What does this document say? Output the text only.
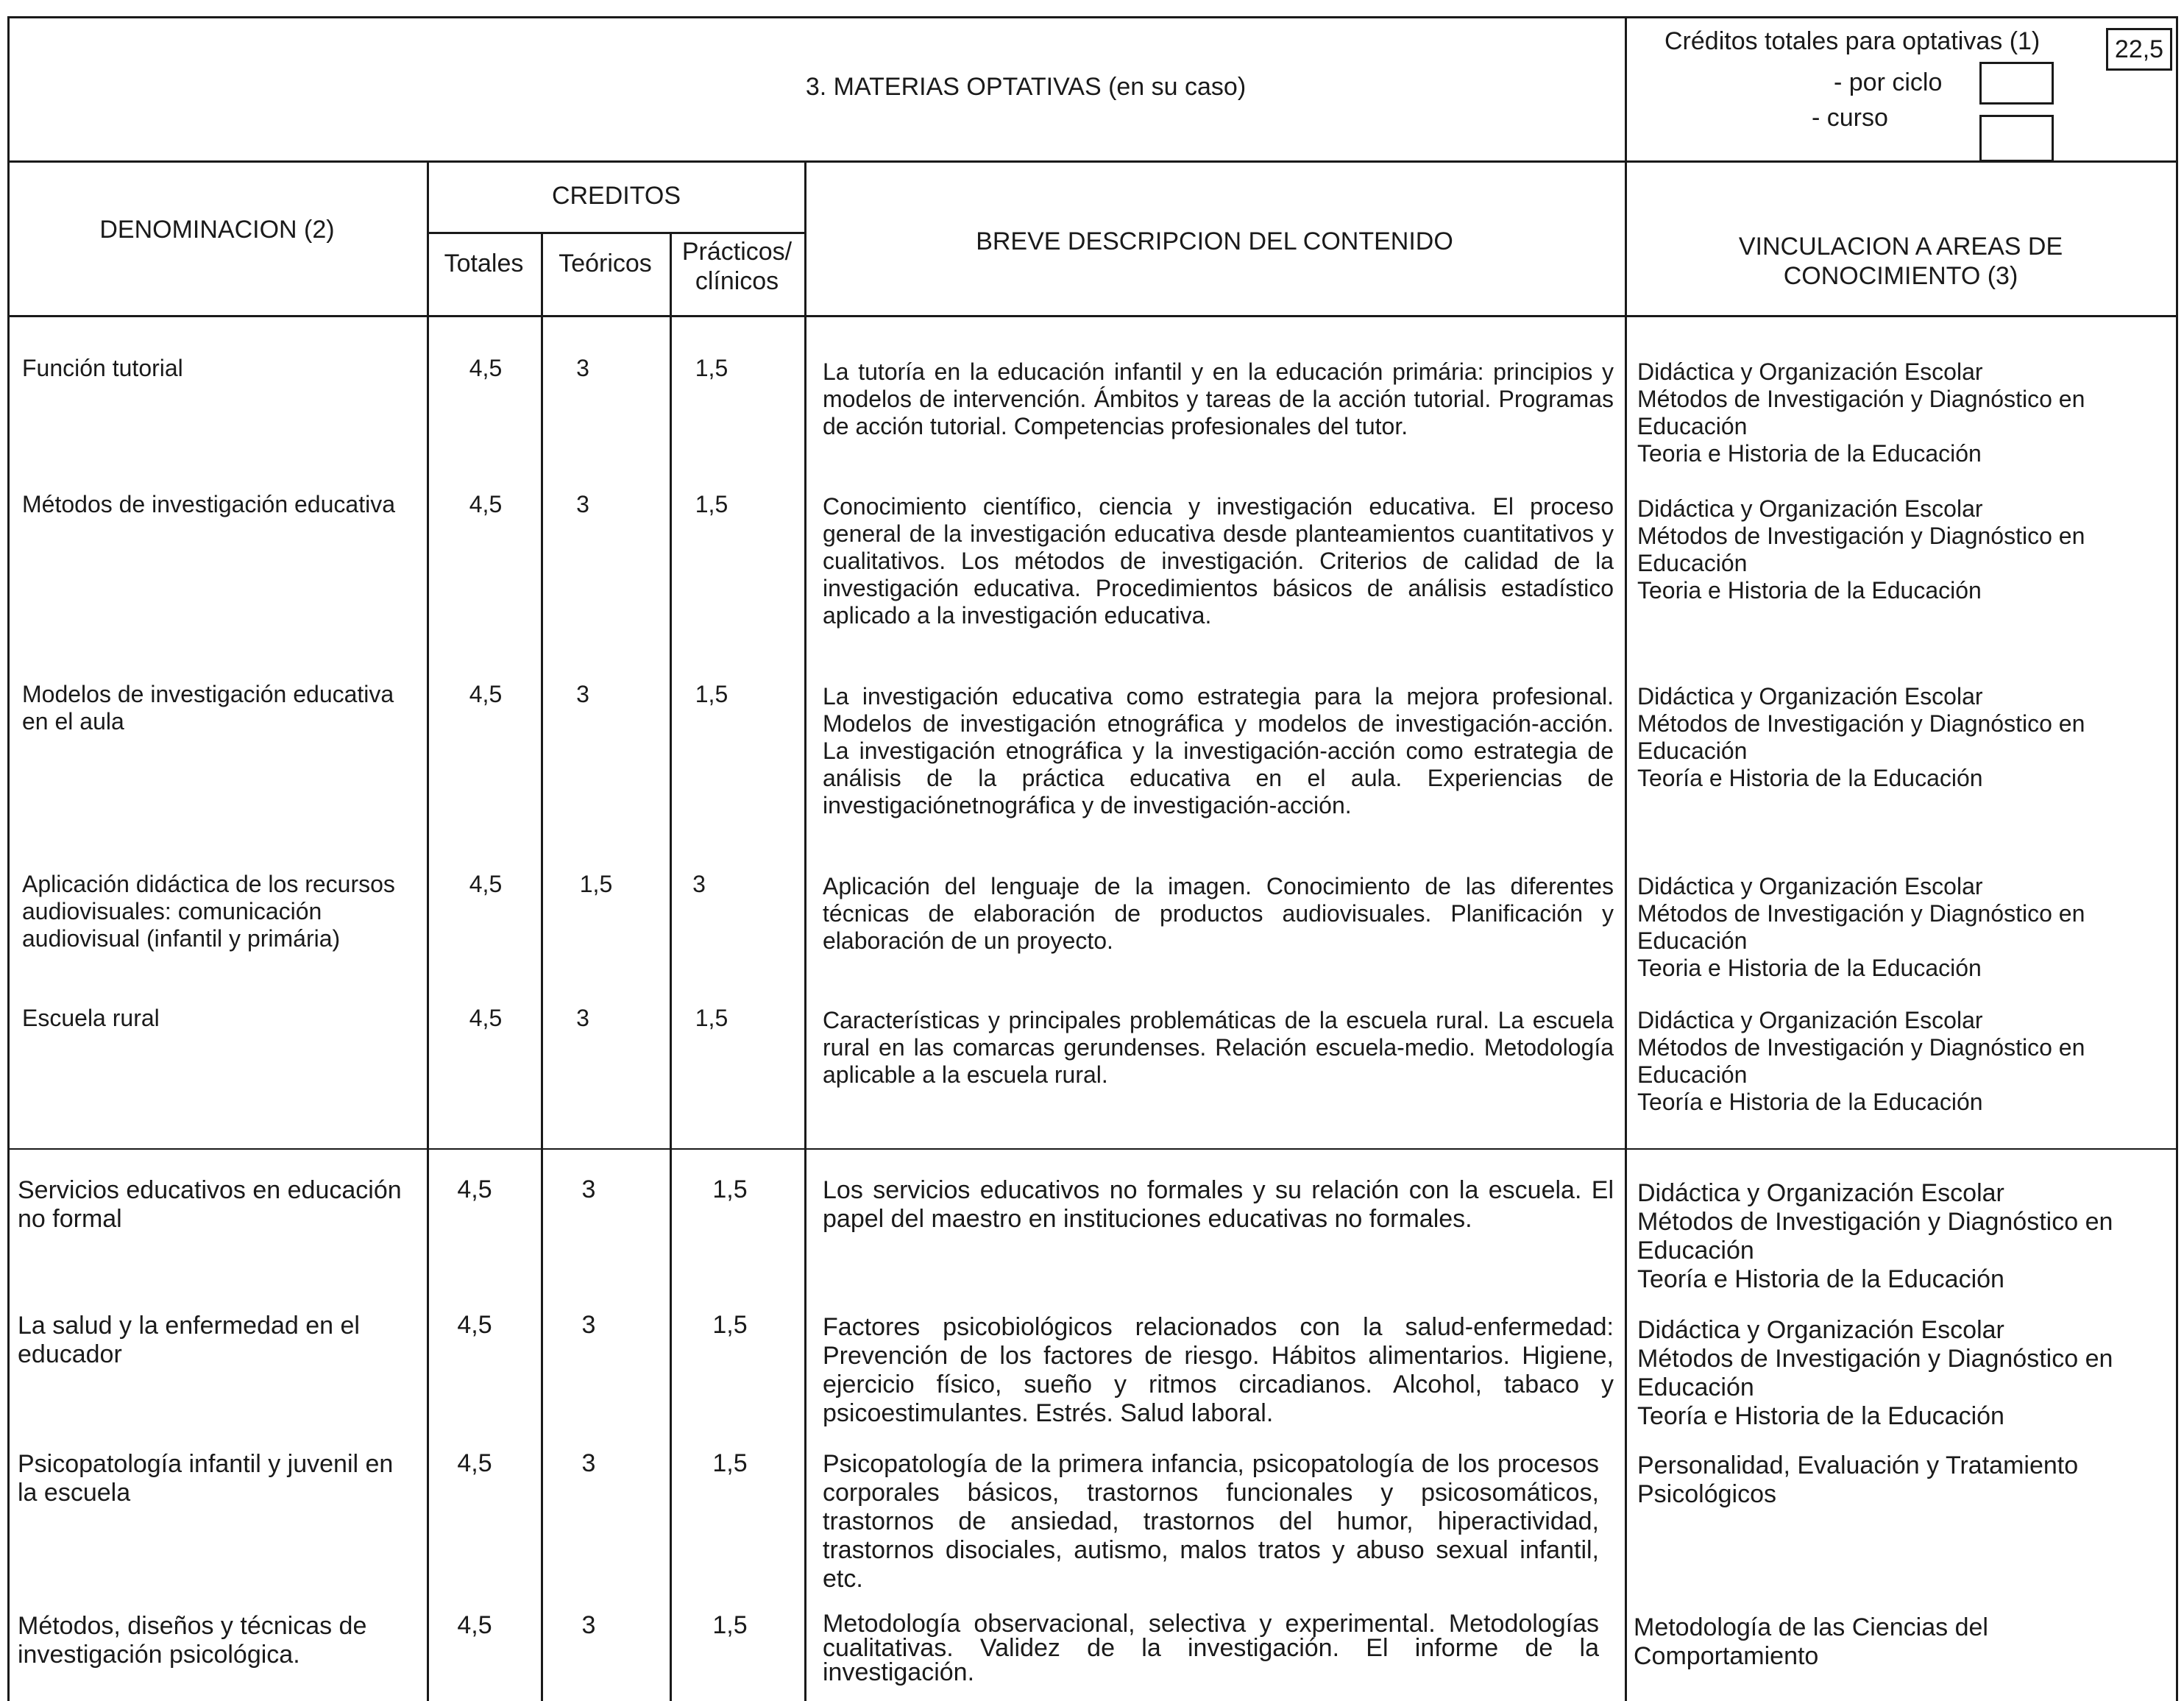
3. MATERIAS OPTATIVAS (en su caso)
Créditos totales para optativas (1)	22,5
- por ciclo
- curso
DENOMINACION (2)
CREDITOS
Totales	Teóricos	Prácticos/
clínicos
BREVE DESCRIPCION DEL CONTENIDO	VINCULACION A AREAS DE
CONOCIMIENTO (3)
Función tutorial	4,5	3	1,5	La tutoría en la educación infantil y en la educación primária: principios y modelos de intervención. Ámbitos y tareas de la acción tutorial. Programas de acción tutorial. Competencias profesionales del tutor.
Didáctica y Organización Escolar
Métodos de Investigación y Diagnóstico en Educación
Teoria e Historia de la Educación
Métodos de investigación educativa	4,5	3	1,5	Conocimiento científico, ciencia y investigación educativa. El proceso general de la investigación educativa desde planteamientos cuantitativos y cualitativos. Los métodos de investigación. Criterios de calidad de la investigación educativa. Procedimientos básicos de análisis estadístico aplicado a la investigación educativa.
Didáctica y Organización Escolar
Métodos de Investigación y Diagnóstico en Educación
Teoria e Historia de la Educación
Modelos de investigación educativa en el aula
4,5	3	1,5	La investigación educativa como estrategia para la mejora profesional. Modelos de investigación etnográfica y modelos de investigación-acción. La investigación etnográfica y la investigación-acción como estrategia de análisis de la práctica educativa en el aula. Experiencias de investigaciónetnográfica y de investigación-acción.
Didáctica y Organización Escolar
Métodos de Investigación y Diagnóstico en Educación
Teoría e Historia de la Educación
Aplicación didáctica de los recursos audiovisuales: comunicación audiovisual (infantil y primária)
4,5	1,5	3	Aplicación del lenguaje de la imagen. Conocimiento de las diferentes técnicas de elaboración de productos audiovisuales. Planificación y elaboración de un proyecto.
Didáctica y Organización Escolar
Métodos de Investigación y Diagnóstico en Educación
Teoria e Historia de la Educación
Escuela rural	4,5	3	1,5	Características y principales problemáticas de la escuela rural. La escuela rural en las comarcas gerundenses. Relación escuela-medio. Metodología aplicable a la escuela rural.
Didáctica y Organización Escolar
Métodos de Investigación y Diagnóstico en Educación
Teoría e Historia de la Educación
Servicios educativos en educación no formal
4,5	3	1,5	Los servicios educativos no formales y su relación con la escuela. El papel del maestro en instituciones educativas no formales.
Didáctica y Organización Escolar
Métodos de Investigación y Diagnóstico en Educación
Teoría e Historia de la Educación
La salud y la enfermedad en el educador
4,5	3	1,5	Factores psicobiológicos relacionados con la salud-enfermedad: Prevención de los factores de riesgo. Hábitos alimentarios. Higiene, ejercicio físico, sueño y ritmos circadianos. Alcohol, tabaco y psicoestimulantes. Estrés. Salud laboral.
Didáctica y Organización Escolar
Métodos de Investigación y Diagnóstico en Educación
Teoría e Historia de la Educación
Psicopatología infantil y juvenil en la escuela
4,5	3	1,5	Psicopatología de la primera infancia, psicopatología de los procesos corporales básicos, trastornos funcionales y psicosomáticos, trastornos de ansiedad, trastornos del humor, hiperactividad, trastornos disociales, autismo, malos tratos y abuso sexual infantil, etc.
Personalidad, Evaluación y Tratamiento Psicológicos
Métodos, diseños y técnicas de investigación psicológica.
4,5	3	1,5	Metodología observacional, selectiva y experimental. Metodologías cualitativas. Validez de la investigación. El informe de la investigación.
Metodología de las Ciencias del Comportamiento
